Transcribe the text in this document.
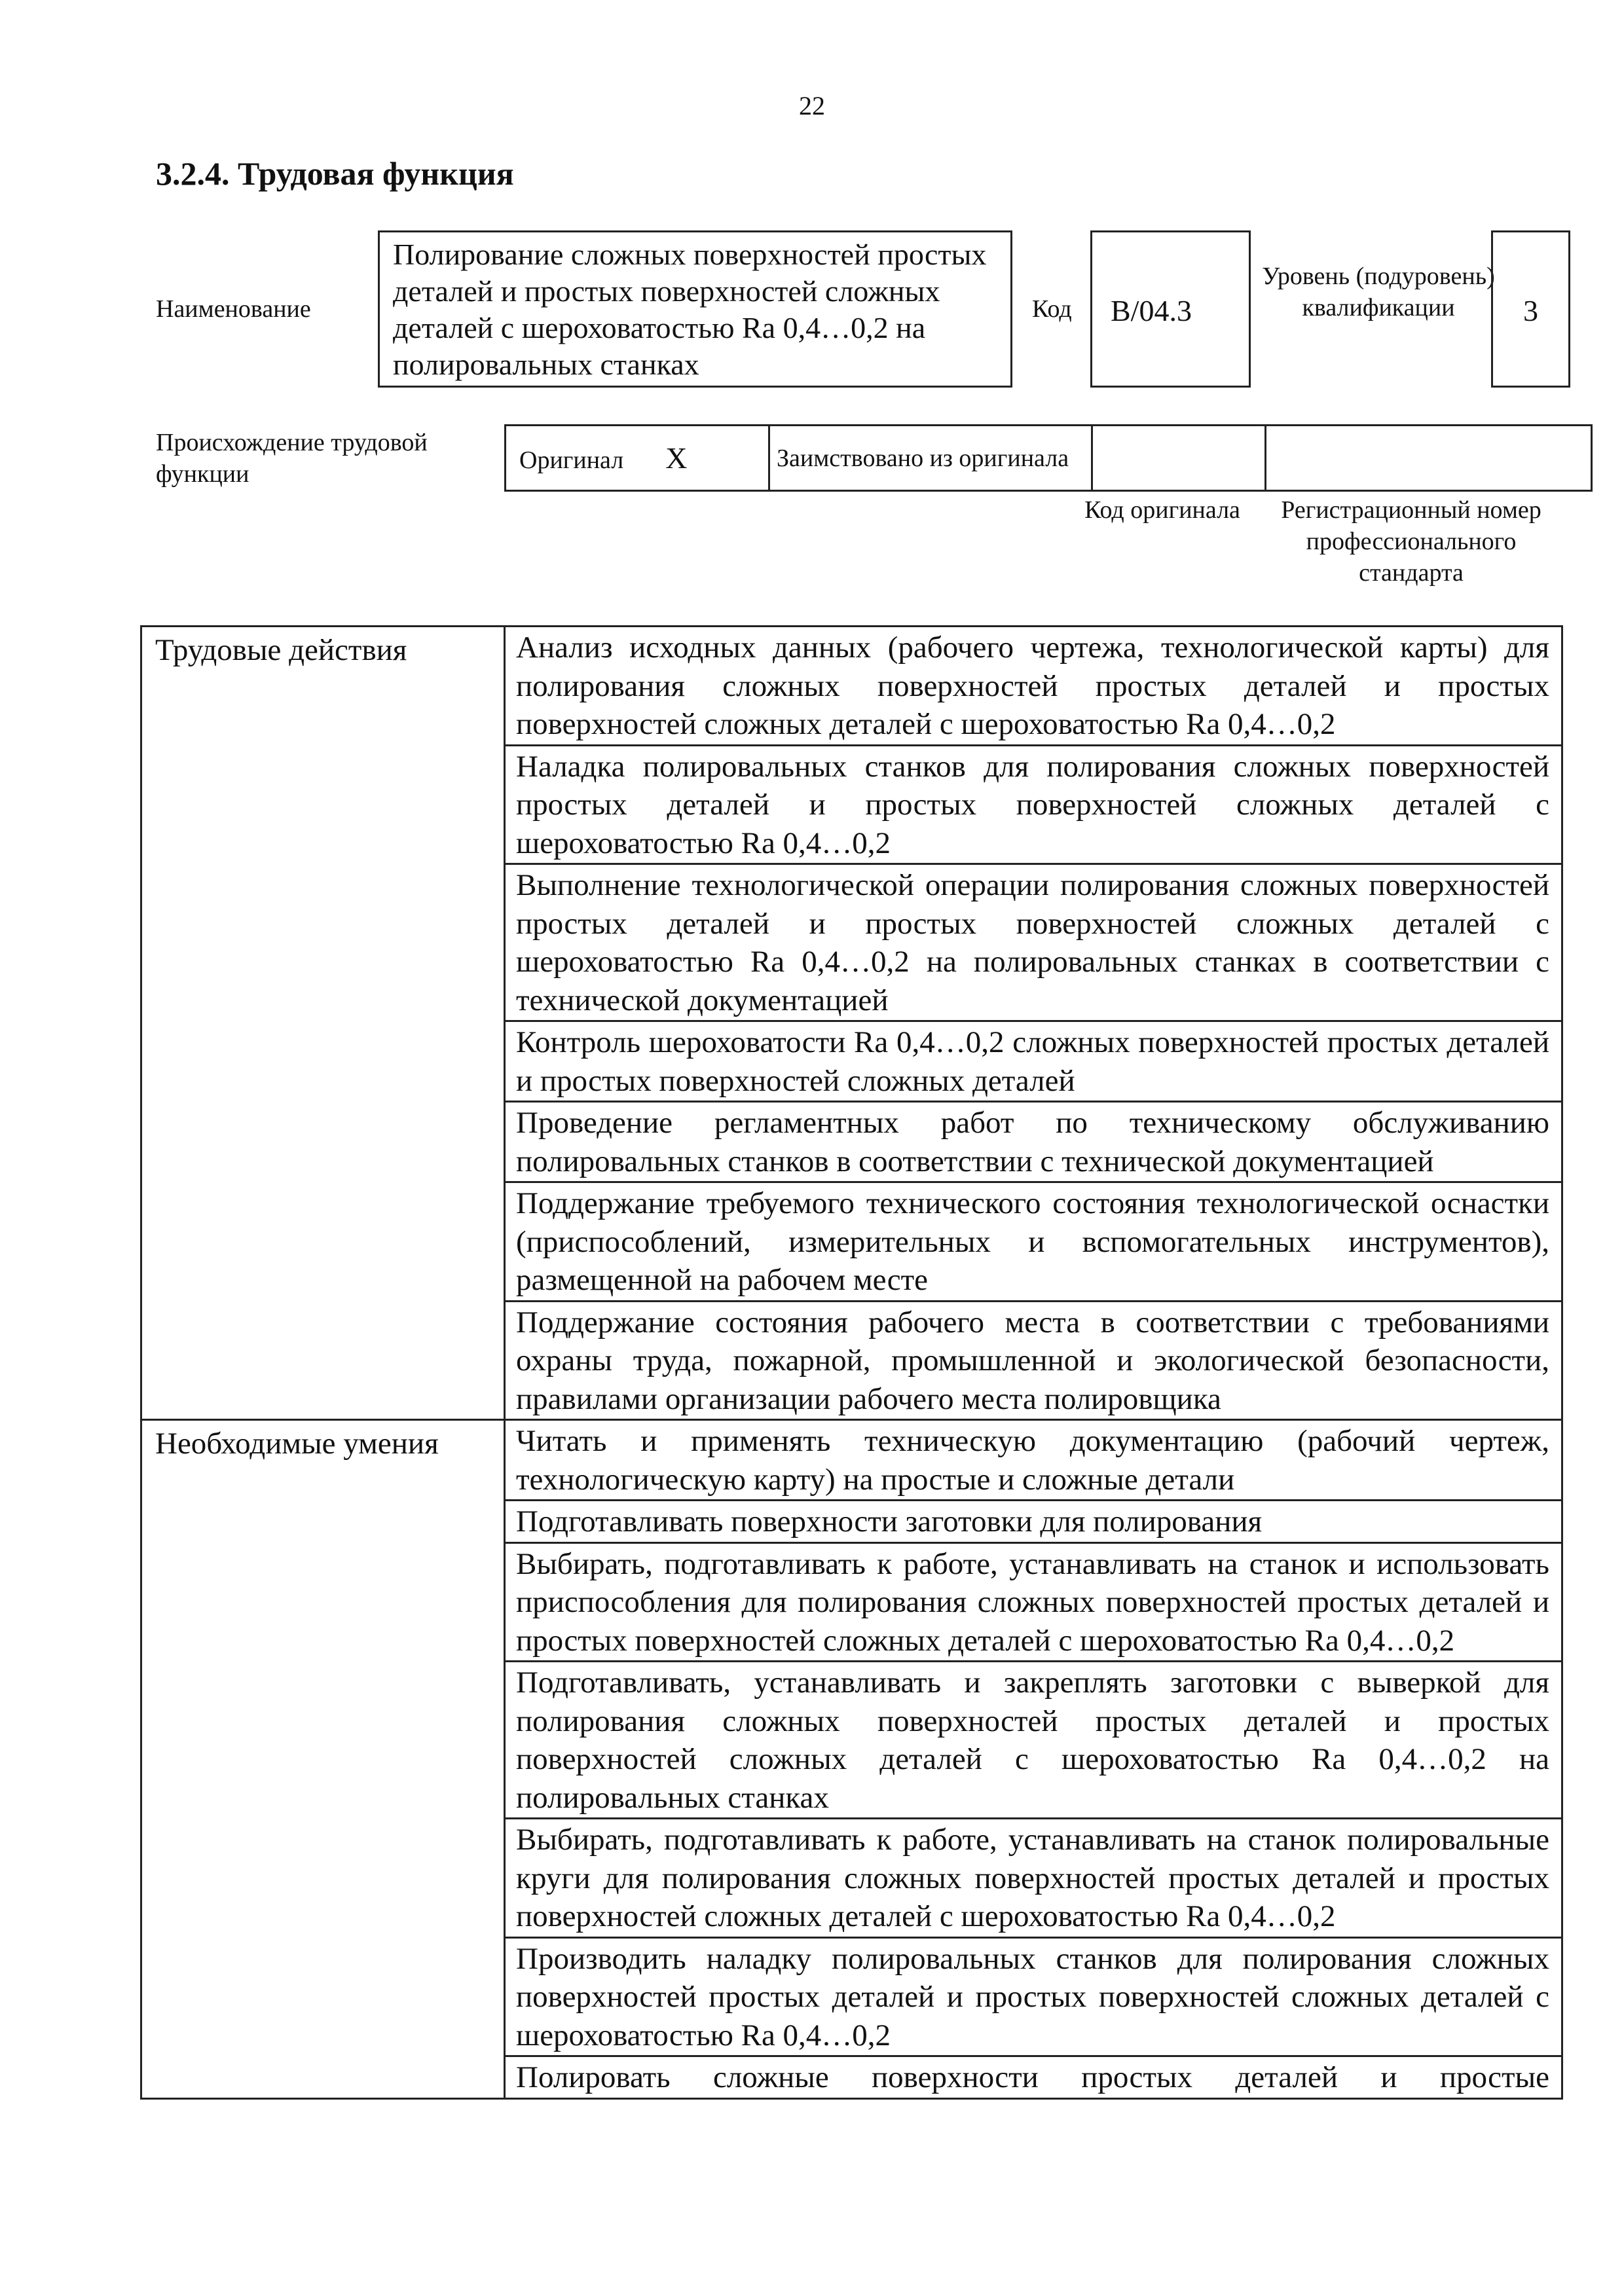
22
3.2.4. Трудовая функция
Наименование
Полирование сложных поверхностей простых деталей и простых поверхностей сложных деталей с шероховатостью Ra 0,4…0,2 на полировальных станках
Код B/04.3
Уровень (подуровень) квалификации	3
Происхождение трудовой функции
Оригинал X	Заимствовано из оригинала

Код оригинала	Регистрационный номер профессионального стандарта
Трудовые действия	Анализ исходных данных (рабочего чертежа, технологической карты) для полирования сложных поверхностей простых деталей и простых поверхностей сложных деталей с шероховатостью Ra 0,4…0,2
	Наладка полировальных станков для полирования сложных поверхностей простых деталей и простых поверхностей сложных деталей с шероховатостью Ra 0,4…0,2
	Выполнение технологической операции полирования сложных поверхностей простых деталей и простых поверхностей сложных деталей с шероховатостью Ra 0,4…0,2 на полировальных станках в соответствии с технической документацией
	Контроль шероховатости Ra 0,4…0,2 сложных поверхностей простых деталей и простых поверхностей сложных деталей
	Проведение регламентных работ по техническому обслуживанию полировальных станков в соответствии с технической документацией
	Поддержание требуемого технического состояния технологической оснастки (приспособлений, измерительных и вспомогательных инструментов), размещенной на рабочем месте
	Поддержание состояния рабочего места в соответствии с требованиями охраны труда, пожарной, промышленной и экологической безопасности, правилами организации рабочего места полировщика
Необходимые умения	Читать и применять техническую документацию (рабочий чертеж, технологическую карту) на простые и сложные детали
	Подготавливать поверхности заготовки для полирования
	Выбирать, подготавливать к работе, устанавливать на станок и использовать приспособления для полирования сложных поверхностей простых деталей и простых поверхностей сложных деталей с шероховатостью Ra 0,4…0,2
	Подготавливать, устанавливать и закреплять заготовки с выверкой для полирования сложных поверхностей простых деталей и простых поверхностей сложных деталей с шероховатостью Ra 0,4…0,2 на полировальных станках
	Выбирать, подготавливать к работе, устанавливать на станок полировальные круги для полирования сложных поверхностей простых деталей и простых поверхностей сложных деталей с шероховатостью Ra 0,4…0,2
	Производить наладку полировальных станков для полирования сложных поверхностей простых деталей и простых поверхностей сложных деталей с шероховатостью Ra 0,4…0,2
	Полировать сложные поверхности простых деталей и простые
